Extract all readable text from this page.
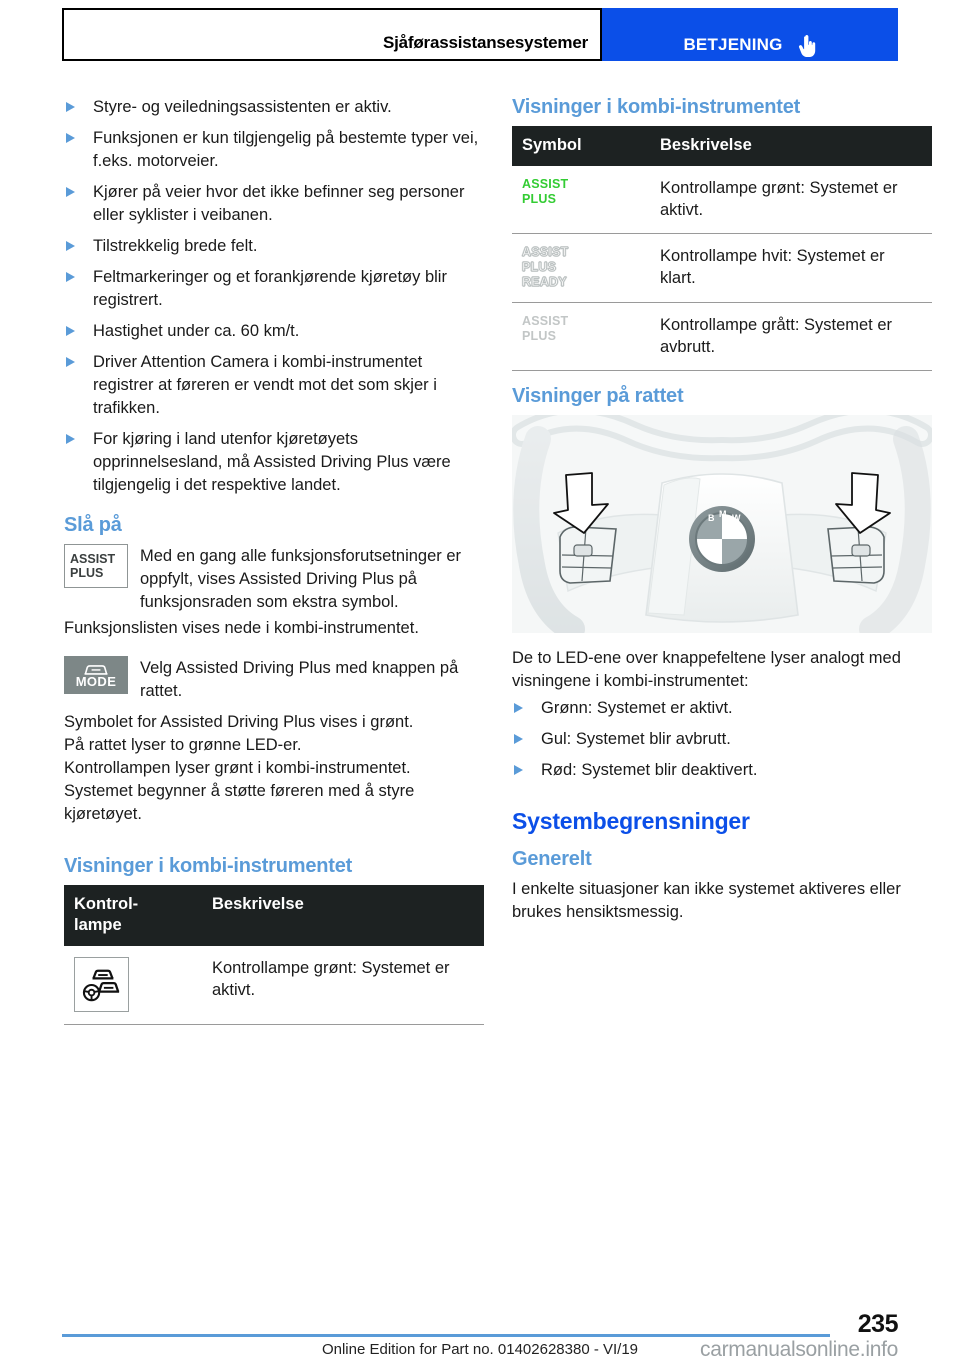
Sjåførassistansesystemer	BETJENING
Styre- og veiledningsassistenten er aktiv.
Funksjonen er kun tilgjengelig på bestemte typer vei, f.eks. motorveier.
Kjører på veier hvor det ikke befinner seg personer eller syklister i veibanen.
Tilstrekkelig brede felt.
Feltmarkeringer og et forankjørende kjøretøy blir registrert.
Hastighet under ca. 60 km/t.
Driver Attention Camera i kombi-instrumentet registrer at føreren er vendt mot det som skjer i trafikken.
For kjøring i land utenfor kjøretøyets opprinnelsesland, må Assisted Driving Plus være tilgjengelig i det respektive landet.
Slå på
ASSIST
PLUS
Med en gang alle funksjonsforutsetninger er oppfylt, vises Assisted Driving Plus på funksjonsraden som ekstra symbol.
Funksjonslisten vises nede i kombi-instrumentet.
MODE
Velg Assisted Driving Plus med knappen på rattet.
Symbolet for Assisted Driving Plus vises i grønt.
På rattet lyser to grønne LED-er.
Kontrollampen lyser grønt i kombi-instrumentet.
Systemet begynner å støtte føreren med å styre kjøretøyet.
Visninger i kombi-instrumentet
Kontrol-
lampe	Beskrivelse

	Kontrollampe grønt: Systemet er aktivt.
Visninger i kombi-instrumentet
Symbol	Beskrivelse

ASSIST
PLUS	Kontrollampe grønt: Systemet er aktivt.

ASSIST
PLUS
READY	Kontrollampe hvit: Systemet er klart.

ASSIST
PLUS	Kontrollampe grått: Systemet er avbrutt.
Visninger på rattet
B M W
De to LED-ene over knappefeltene lyser analogt med visningene i kombi-instrumentet:
Grønn: Systemet er aktivt.
Gul: Systemet blir avbrutt.
Rød: Systemet blir deaktivert.
Systembegrensninger
Generelt
I enkelte situasjoner kan ikke systemet aktiveres eller brukes hensiktsmessig.
235
Online Edition for Part no. 01402628380 - VI/19	carmanualsonline.info
